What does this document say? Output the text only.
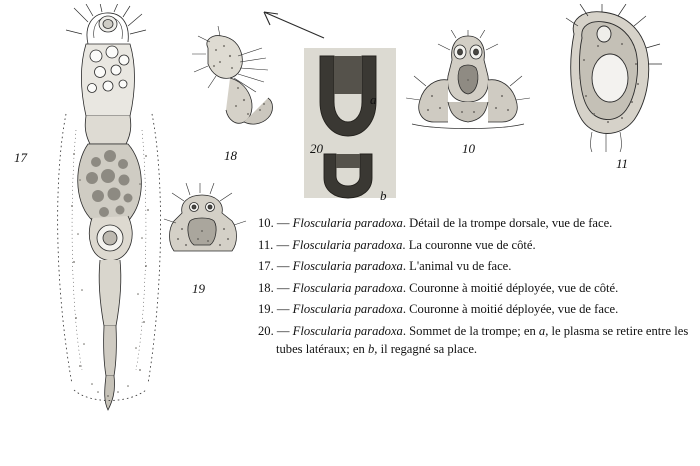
17	18
19
a
b
20	10
11
10. — Floscularia paradoxa. Détail de la trompe dorsale, vue de face.
11. — Floscularia paradoxa. La couronne vue de côté.
17. — Floscularia paradoxa. L'animal vu de face.
18. — Floscularia paradoxa. Couronne à moitié déployée, vue de côté.
19. — Floscularia paradoxa. Couronne à moitié déployée, vue de face.
20. — Floscularia paradoxa. Sommet de la trompe; en a, le plasma se retire entre les tubes latéraux; en b, il regagné sa place.
